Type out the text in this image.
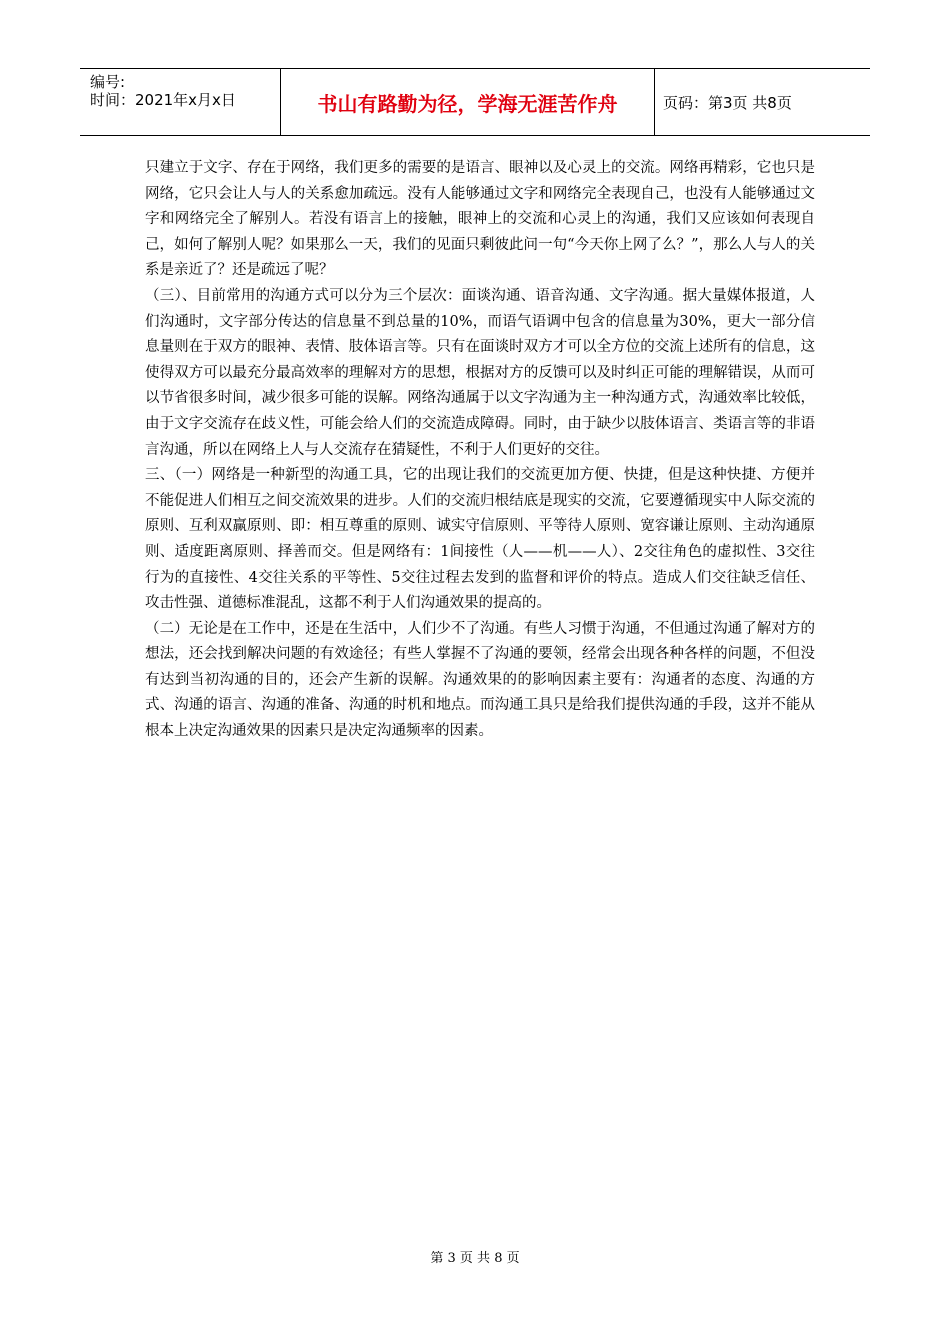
编号:
时间：2021年x月x日	书山有路勤为径，学海无涯苦作舟	页码：第3页 共8页

只建立于文字、存在于网络，我们更多的需要的是语言、眼神以及心灵上的交流。网络再精彩，它也只是网络，它只会让人与人的关系愈加疏远。没有人能够通过文字和网络完全表现自己，也没有人能够通过文字和网络完全了解别人。若没有语言上的接触，眼神上的交流和心灵上的沟通，我们又应该如何表现自己，如何了解别人呢？如果那么一天，我们的见面只剩彼此问一句“今天你上网了么？”，那么人与人的关系是亲近了？还是疏远了呢？

（三）、目前常用的沟通方式可以分为三个层次：面谈沟通、语音沟通、文字沟通。据大量媒体报道，人们沟通时，文字部分传达的信息量不到总量的10%，而语气语调中包含的信息量为30%，更大一部分信息量则在于双方的眼神、表情、肢体语言等。只有在面谈时双方才可以全方位的交流上述所有的信息，这使得双方可以最充分最高效率的理解对方的思想，根据对方的反馈可以及时纠正可能的理解错误，从而可以节省很多时间，减少很多可能的误解。网络沟通属于以文字沟通为主一种沟通方式，沟通效率比较低，由于文字交流存在歧义性，可能会给人们的交流造成障碍。同时，由于缺少以肢体语言、类语言等的非语言沟通，所以在网络上人与人交流存在猜疑性，不利于人们更好的交往。

三、（一）网络是一种新型的沟通工具，它的出现让我们的交流更加方便、快捷，但是这种快捷、方便并不能促进人们相互之间交流效果的进步。人们的交流归根结底是现实的交流，它要遵循现实中人际交流的原则、互利双赢原则、即：相互尊重的原则、诚实守信原则、平等待人原则、宽容谦让原则、主动沟通原则、适度距离原则、择善而交。但是网络有：1间接性（人——机——人）、2交往角色的虚拟性、3交往行为的直接性、4交往关系的平等性、5交往过程去发到的监督和评价的特点。造成人们交往缺乏信任、攻击性强、道德标准混乱，这都不利于人们沟通效果的提高的。

（二）无论是在工作中，还是在生活中，人们少不了沟通。有些人习惯于沟通，不但通过沟通了解对方的想法，还会找到解决问题的有效途径；有些人掌握不了沟通的要领，经常会出现各种各样的问题，不但没有达到当初沟通的目的，还会产生新的误解。沟通效果的的影响因素主要有：沟通者的态度、沟通的方式、沟通的语言、沟通的准备、沟通的时机和地点。而沟通工具只是给我们提供沟通的手段，这并不能从根本上决定沟通效果的因素只是决定沟通频率的因素。

第 3 页 共 8 页
